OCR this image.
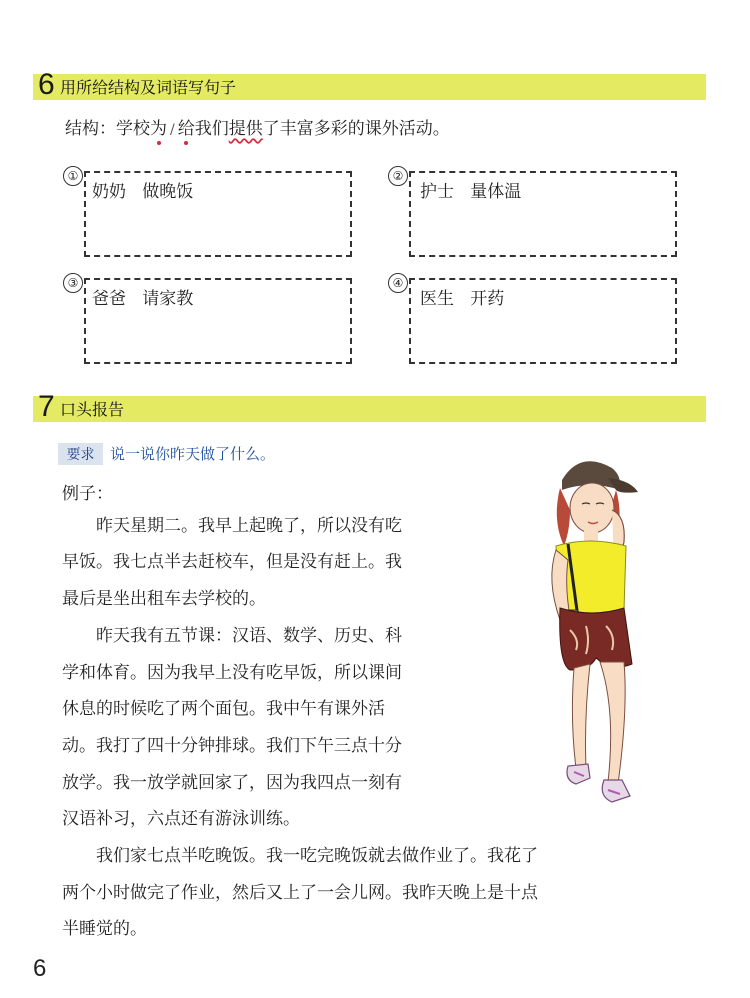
6 用所给结构及词语写句子
结构：学校为 / 给
我们提供了丰富多彩的课外活动。
①
奶奶   做晚饭
②
护士   量体温
③
爸爸   请家教
④
医生   开药
7 口头报告
要求	说一说你昨天做了什么。
例子：
　　昨天星期二。我早上起晚了，所以没有吃
早饭。我七点半去赶校车，但是没有赶上。我
最后是坐出租车去学校的。
　　昨天我有五节课：汉语、数学、历史、科
学和体育。因为我早上没有吃早饭，所以课间
休息的时候吃了两个面包。我中午有课外活
动。我打了四十分钟排球。我们下午三点十分
放学。我一放学就回家了，因为我四点一刻有
汉语补习，六点还有游泳训练。
　　我们家七点半吃晚饭。我一吃完晚饭就去做作业了。我花了
两个小时做完了作业，然后又上了一会儿网。我昨天晚上是十点
半睡觉的。
6
